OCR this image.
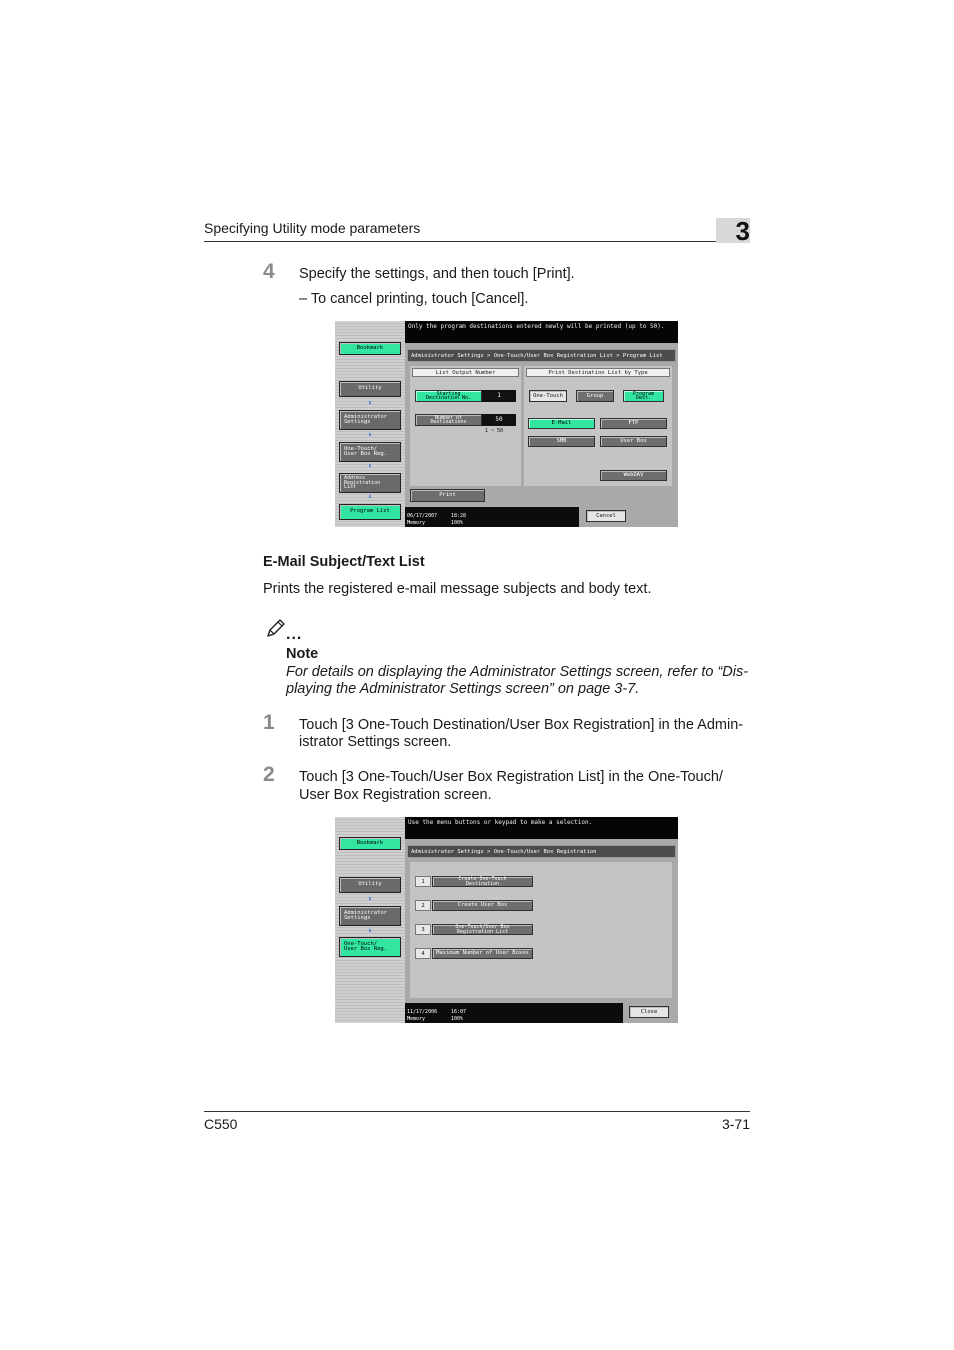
Specifying Utility mode parameters	3
4 Specify the settings, and then touch [Print].
– To cancel printing, touch [Cancel].
Bookmark
Utility
⬇
Administrator
Settings
⬇
One-Touch/
User Box Reg.
⬇
Address
Registration
List
⬇
Program List
Only the program destinations entered newly will be printed (up to 50).
Administrator Settings > One-Touch/User Box Registration List > Program List
List Output Number
Starting
Destination No.	1
Number of
Destinations	50
1 ~ 50
Print Destination List by Type
One-Touch	Group	Program
Dest.
E-Mail	FTP
SMB	User Box
WebDAV
Print
06/17/2007	18:28
Memory	100%
Cancel
E-Mail Subject/Text List
Prints the registered e-mail message subjects and body text.
...
Note
For details on displaying the Administrator Settings screen, refer to “Dis-
playing the Administrator Settings screen” on page 3-7.
1 Touch [3 One-Touch Destination/User Box Registration] in the Admin-
istrator Settings screen.
2 Touch [3 One-Touch/User Box Registration List] in the One-Touch/
User Box Registration screen.
Bookmark
Utility
⬇
Administrator
Settings
⬇
One-Touch/
User Box Reg.
Use the menu buttons or keypad to make a selection.
Administrator Settings > One-Touch/User Box Registration
1	Create One-Touch
Destination
2	Create User Box
3	One-Touch/User Box
Registration List
4	Maximum Number of User Boxes
11/17/2006	16:07
Memory	100%
Close
C550	3-71
